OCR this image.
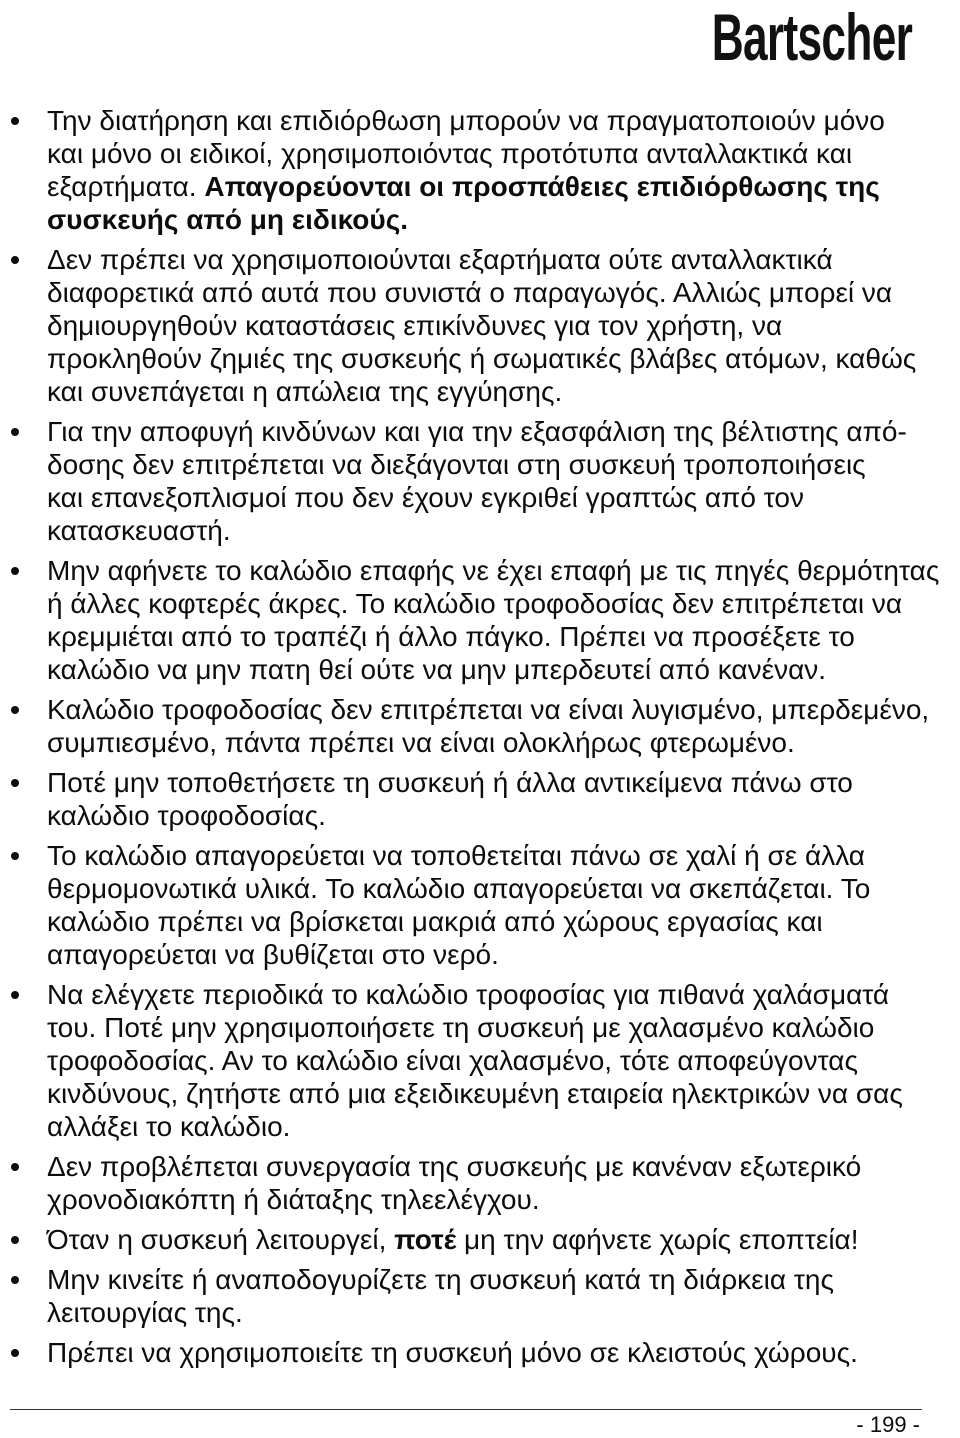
Bartscher
Την διατήρηση και επιδιόρθωση μπορούν να πραγματοποιούν μόνο
και μόνο οι ειδικοί, χρησιμοποιόντας προτότυπα ανταλλακτικά και
εξαρτήματα. Απαγορεύονται οι προσπάθειες επιδιόρθωσης της
συσκευής από μη ειδικούς.
Δεν πρέπει να χρησιμοποιούνται εξαρτήματα ούτε ανταλλακτικά
διαφορετικά από αυτά που συνιστά ο παραγωγός. Αλλιώς μπορεί να
δημιουργηθούν καταστάσεις επικίνδυνες για τον χρήστη, να
προκληθούν ζημιές της συσκευής ή σωματικές βλάβες ατόμων, καθώς
και συνεπάγεται η απώλεια της εγγύησης.
Για την αποφυγή κινδύνων και για την εξασφάλιση της βέλτιστης από-
δοσης δεν επιτρέπεται να διεξάγονται στη συσκευή τροποποιήσεις
και επανεξοπλισμοί που δεν έχουν εγκριθεί γραπτώς από τον
κατασκευαστή.
Μην αφήνετε το καλώδιο επαφής νε έχει επαφή με τις πηγές θερμότητας
ή άλλες κοφτερές άκρες. Το καλώδιο τροφοδοσίας δεν επιτρέπεται να
κρεμμιέται από το τραπέζι ή άλλο πάγκο. Πρέπει να προσέξετε το
καλώδιο να μην πατη θεί ούτε να μην μπερδευτεί από κανέναν.
Καλώδιο τροφοδοσίας δεν επιτρέπεται να είναι λυγισμένο, μπερδεμένο,
συμπιεσμένο, πάντα πρέπει να είναι ολοκλήρως φτερωμένο.
Ποτέ μην τοποθετήσετε τη συσκευή ή άλλα αντικείμενα πάνω στο
καλώδιο τροφοδοσίας.
Το καλώδιο απαγορεύεται να τοποθετείται πάνω σε χαλί ή σε άλλα
θερμομονωτικά υλικά. Το καλώδιο απαγορεύεται να σκεπάζεται. Το
καλώδιο πρέπει να βρίσκεται μακριά από χώρους εργασίας και
απαγορεύεται να βυθίζεται στο νερό.
Να ελέγχετε περιοδικά το καλώδιο τροφοσίας για πιθανά χαλάσματά
του. Ποτέ μην χρησιμοποιήσετε τη συσκευή με χαλασμένο καλώδιο
τροφοδοσίας. Αν το καλώδιο είναι χαλασμένο, τότε αποφεύγοντας
κινδύνους, ζητήστε από μια εξειδικευμένη εταιρεία ηλεκτρικών να σας
αλλάξει το καλώδιο.
Δεν προβλέπεται συνεργασία της συσκευής με κανέναν εξωτερικό
χρονοδιακόπτη ή διάταξης τηλεελέγχου.
Όταν η συσκευή λειτουργεί, ποτέ μη την αφήνετε χωρίς εποπτεία!
Μην κινείτε ή αναποδογυρίζετε τη συσκευή κατά τη διάρκεια της
λειτουργίας της.
Πρέπει να χρησιμοποιείτε τη συσκευή μόνο σε κλειστούς χώρους.
- 199 -
